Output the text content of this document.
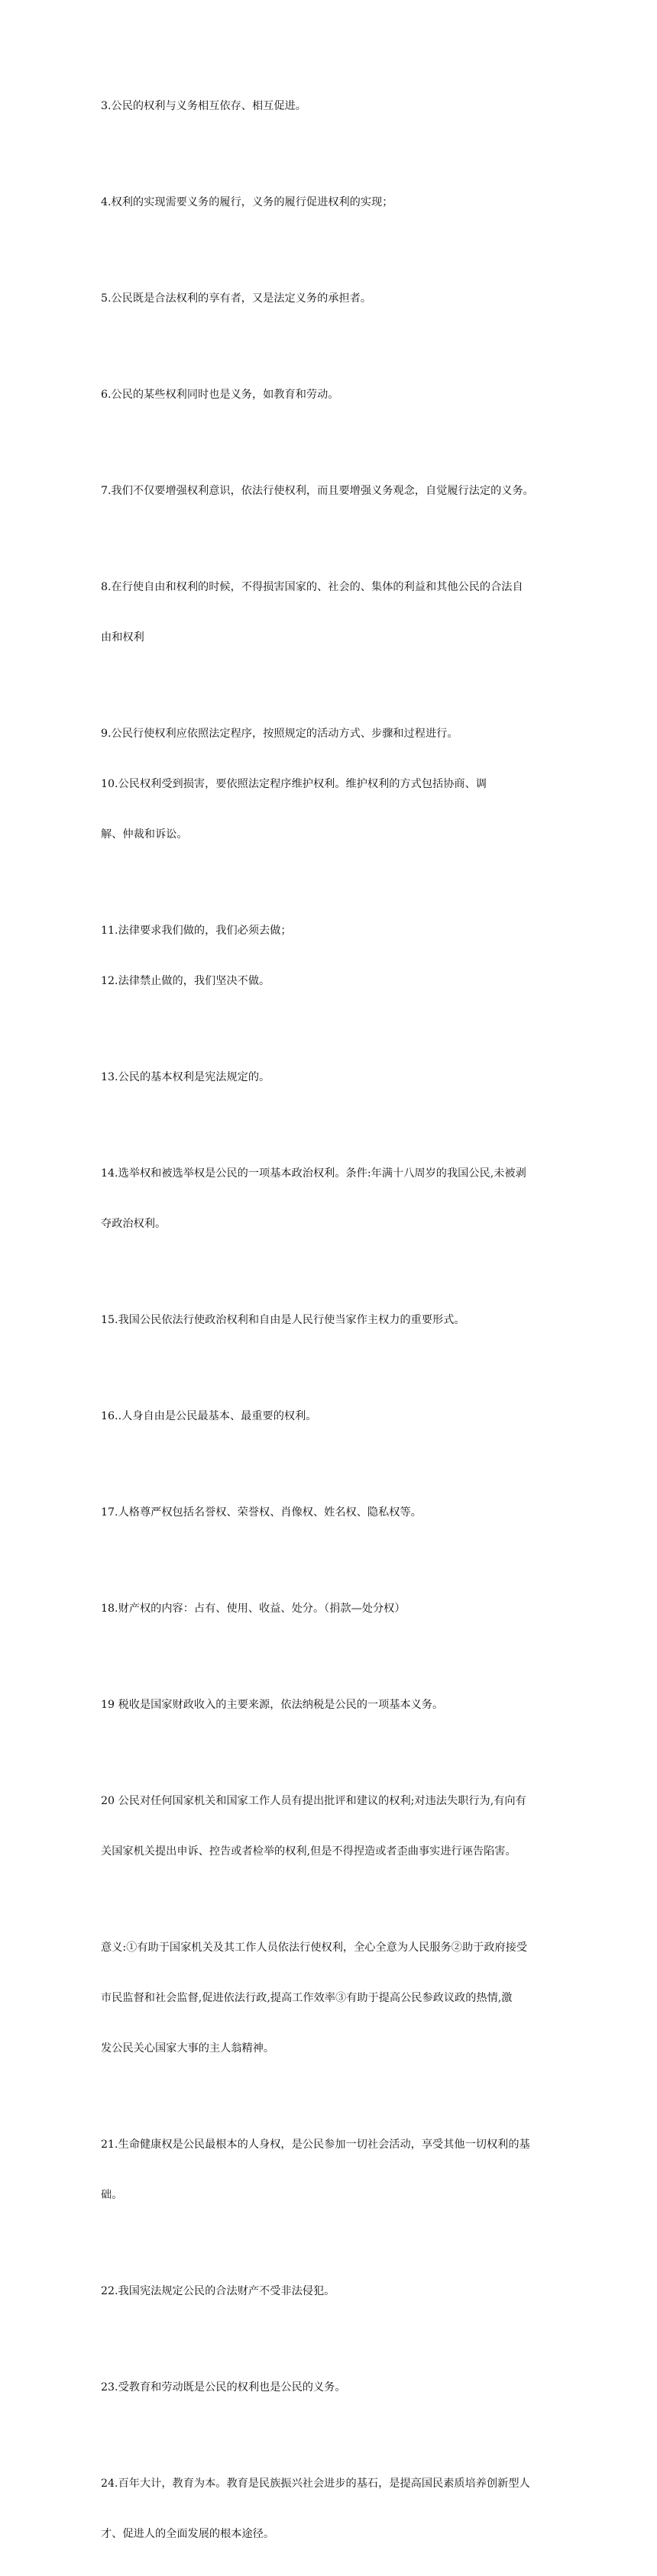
3.公民的权利与义务相互依存、相互促进。

4.权利的实现需要义务的履行，义务的履行促进权利的实现；

5.公民既是合法权利的享有者，又是法定义务的承担者。

6.公民的某些权利同时也是义务，如教育和劳动。

7.我们不仅要增强权利意识，依法行使权利，而且要增强义务观念，自觉履行法定的义务。

8.在行使自由和权利的时候，不得损害国家的、社会的、集体的利益和其他公民的合法自

由和权利

9.公民行使权利应依照法定程序，按照规定的活动方式、步骤和过程进行。

10.公民权利受到损害，要依照法定程序维护权利。维护权利的方式包括协商、调

解、仲裁和诉讼。

11.法律要求我们做的，我们必须去做；

12.法律禁止做的，我们坚决不做。

13.公民的基本权利是宪法规定的。

14.选举权和被选举权是公民的一项基本政治权利。条件:年满十八周岁的我国公民,未被剥

夺政治权利。

15.我国公民依法行使政治权利和自由是人民行使当家作主权力的重要形式。

16..人身自由是公民最基本、最重要的权利。

17.人格尊严权包括名誉权、荣誉权、肖像权、姓名权、隐私权等。

18.财产权的内容：占有、使用、收益、处分。（捐款—处分权）

19 税收是国家财政收入的主要来源，依法纳税是公民的一项基本义务。

20 公民对任何国家机关和国家工作人员有提出批评和建议的权利;对违法失职行为,有向有

关国家机关提出申诉、控告或者检举的权利,但是不得捏造或者歪曲事实进行诬告陷害。

意义:①有助于国家机关及其工作人员依法行使权利，全心全意为人民服务②助于政府接受

市民监督和社会监督,促进依法行政,提高工作效率③有助于提高公民参政议政的热情,激

发公民关心国家大事的主人翁精神。

21.生命健康权是公民最根本的人身权，是公民参加一切社会活动，享受其他一切权利的基

础。

22.我国宪法规定公民的合法财产不受非法侵犯。

23.受教育和劳动既是公民的权利也是公民的义务。

24.百年大计，教育为本。教育是民族振兴社会进步的基石，是提高国民素质培养创新型人

才、促进人的全面发展的根本途径。
